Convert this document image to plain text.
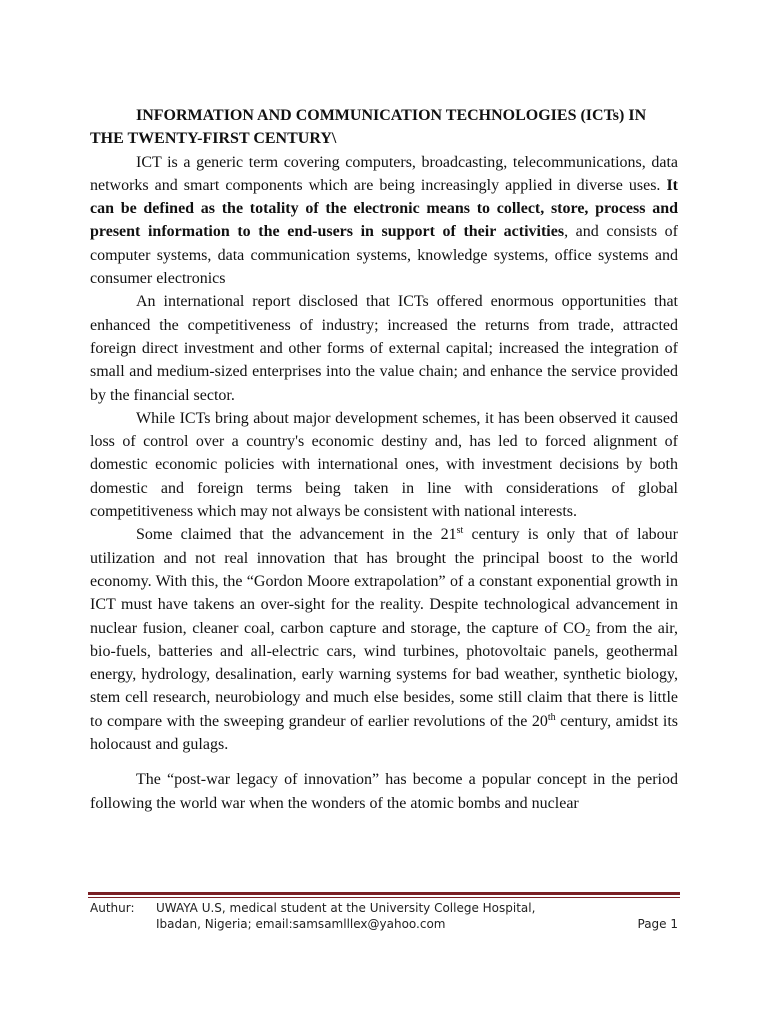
INFORMATION AND COMMUNICATION TECHNOLOGIES (ICTs) IN THE TWENTY-FIRST CENTURY\

ICT is a generic term covering computers, broadcasting, telecommunications, data networks and smart components which are being increasingly applied in diverse uses. It can be defined as the totality of the electronic means to collect, store, process and present information to the end-users in support of their activities, and consists of computer systems, data communication systems, knowledge systems, office systems and consumer electronics

An international report disclosed that ICTs offered enormous opportunities that enhanced the competitiveness of industry; increased the returns from trade, attracted foreign direct investment and other forms of external capital; increased the integration of small and medium-sized enterprises into the value chain; and enhance the service provided by the financial sector.

While ICTs bring about major development schemes, it has been observed it caused loss of control over a country's economic destiny and, has led to forced alignment of domestic economic policies with international ones, with investment decisions by both domestic and foreign terms being taken in line with considerations of global competitiveness which may not always be consistent with national interests.

Some claimed that the advancement in the 21st century is only that of labour utilization and not real innovation that has brought the principal boost to the world economy. With this, the “Gordon Moore extrapolation” of a constant exponential growth in ICT must have takens an over-sight for the reality. Despite technological advancement in nuclear fusion, cleaner coal, carbon capture and storage, the capture of $CO_2$ from the air, bio-fuels, batteries and all-electric cars, wind turbines, photovoltaic panels, geothermal energy, hydrology, desalination, early warning systems for bad weather, synthetic biology, stem cell research, neurobiology and much else besides, some still claim that there is little to compare with the sweeping grandeur of earlier revolutions of the 20th century, amidst its holocaust and gulags.

The “post-war legacy of innovation” has become a popular concept in the period following the world war when the wonders of the atomic bombs and nuclear

Authur: UWAYA U.S, medical student at the University College Hospital,
Ibadan, Nigeria; email:samsamlllex@yahoo.com	Page 1
